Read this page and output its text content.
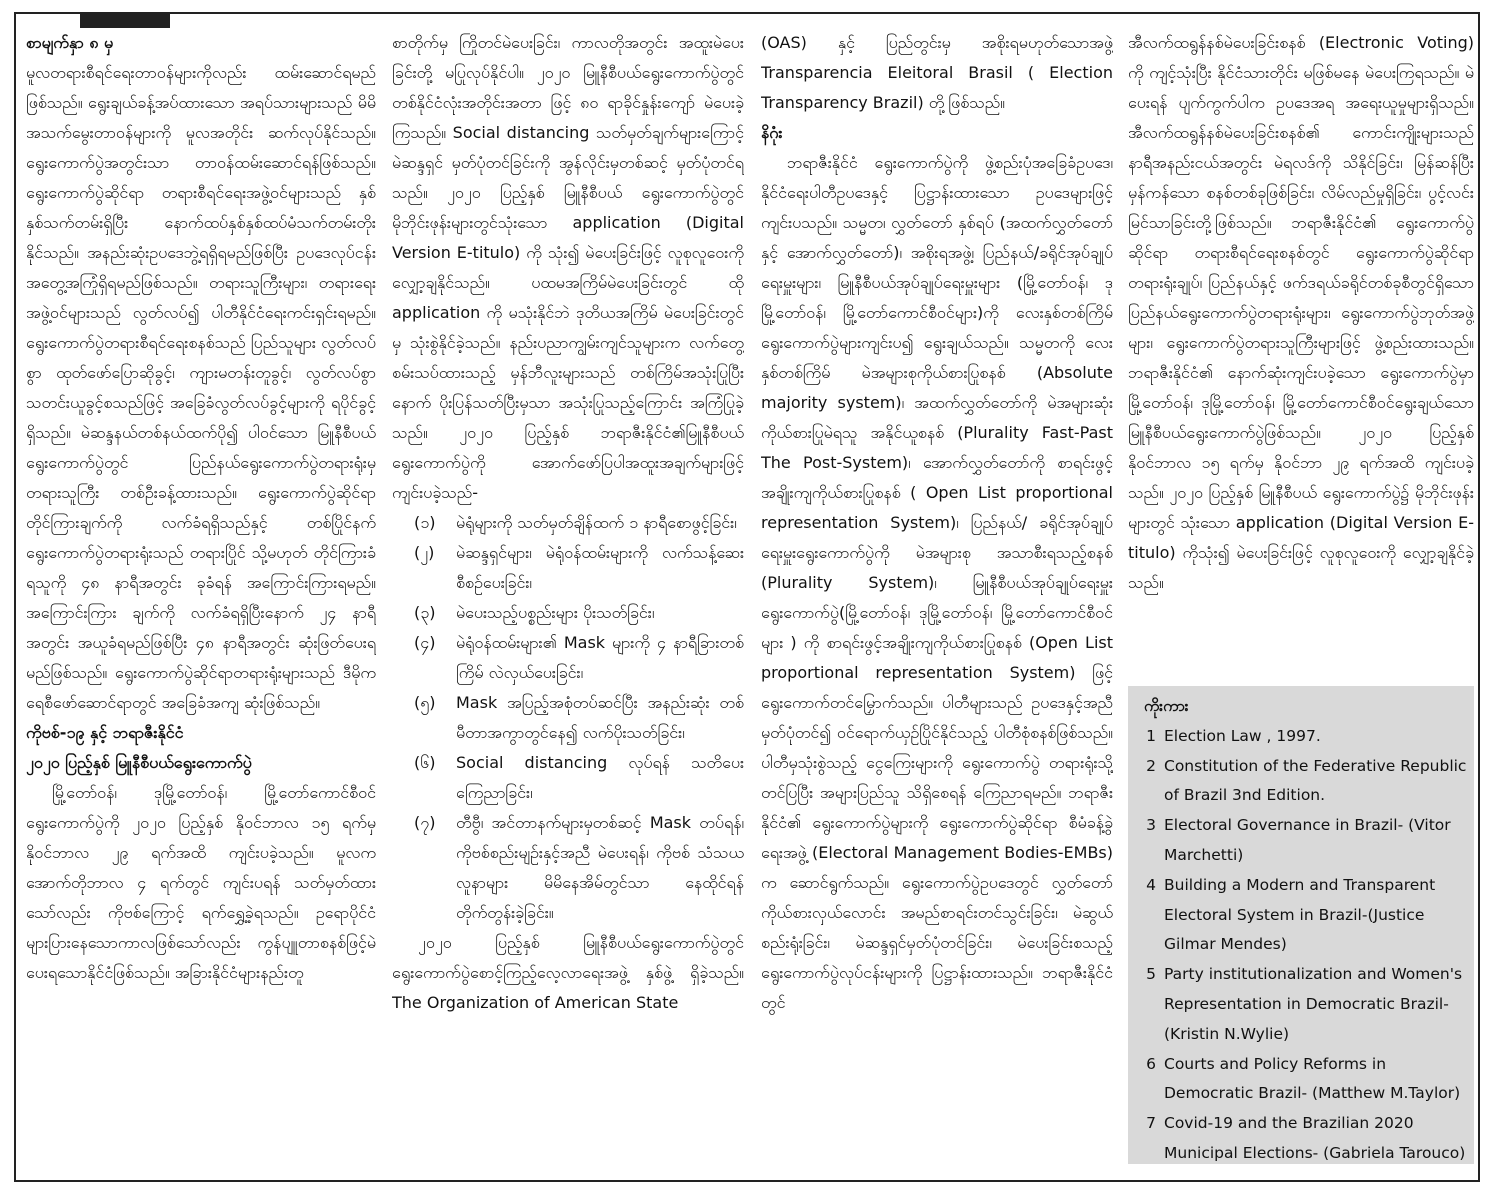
စာမျက်နှာ ၈ မှ

မူလတရားစီရင်ရေးတာဝန်များကိုလည်း ထမ်းဆောင်ရမည်ဖြစ်သည်။ ရွေးချယ်ခန့်အပ်ထားသော အရပ်သားများသည် မိမိအသက်မွေးတာဝန်များကို မူလအတိုင်း ဆက်လုပ်နိုင်သည်။ ရွေးကောက်ပွဲအတွင်းသာ တာဝန်ထမ်းဆောင်ရန်ဖြစ်သည်။ ရွေးကောက်ပွဲဆိုင်ရာ တရားစီရင်ရေးအဖွဲ့ဝင်များသည် နှစ်နှစ်သက်တမ်းရှိပြီး နောက်ထပ်နှစ်နှစ်ထပ်မံသက်တမ်းတိုးနိုင်သည်။ အနည်းဆုံးဥပဒေဘွဲ့ရရှိရမည်ဖြစ်ပြီး ဥပဒေလုပ်ငန်းအတွေ့အကြုံရှိရမည်ဖြစ်သည်။ တရားသူကြီးများ၊ တရားရေးအဖွဲ့ဝင်များသည် လွတ်လပ်၍ ပါတီနိုင်ငံရေးကင်းရှင်းရမည်။ ရွေးကောက်ပွဲတရားစီရင်ရေးစနစ်သည် ပြည်သူများ လွတ်လပ်စွာ ထုတ်ဖော်ပြောဆိုခွင့်၊ ကျားမတန်းတူခွင့်၊ လွတ်လပ်စွာသတင်းယူခွင့်စသည်ဖြင့် အခြေခံလွတ်လပ်ခွင့်များကို ရပိုင်ခွင့်ရှိသည်။ မဲဆန္ဒနယ်တစ်နယ်ထက်ပို၍ ပါဝင်သော မြူနီစီပယ်ရွေးကောက်ပွဲတွင် ပြည်နယ်ရွေးကောက်ပွဲတရားရုံးမှ တရားသူကြီး တစ်ဦးခန့်ထားသည်။ ရွေးကောက်ပွဲဆိုင်ရာ တိုင်ကြားချက်ကို လက်ခံရရှိသည်နှင့် တစ်ပြိုင်နက် ရွေးကောက်ပွဲတရားရုံးသည် တရားပြိုင် သို့မဟုတ် တိုင်ကြားခံရသူကို ၄၈ နာရီအတွင်း ခုခံရန် အကြောင်းကြားရမည်။ အကြောင်းကြား ချက်ကို လက်ခံရရှိပြီးနောက် ၂၄ နာရီအတွင်း အယူခံရမည်ဖြစ်ပြီး ၄၈ နာရီအတွင်း ဆုံးဖြတ်ပေးရ မည်ဖြစ်သည်။ ရွေးကောက်ပွဲဆိုင်ရာတရားရုံးများသည် ဒီမိုကရေစီဖော်ဆောင်ရာတွင် အခြေခံအကျ ဆုံးဖြစ်သည်။

ကိုဗစ်-၁၉ နှင့် ဘရာဇီးနိုင်ငံ

၂၀၂၀ ပြည့်နှစ် မြူနီစီပယ်ရွေးကောက်ပွဲ

မြို့တော်ဝန်၊ ဒုမြို့တော်ဝန်၊ မြို့တော်ကောင်စီဝင်ရွေးကောက်ပွဲကို ၂၀၂၀ ပြည့်နှစ် နိုဝင်ဘာလ ၁၅ ရက်မှ နိုဝင်ဘာလ ၂၉ ရက်အထိ ကျင်းပခဲ့သည်။ မူလက အောက်တိုဘာလ ၄ ရက်တွင် ကျင်းပရန် သတ်မှတ်ထားသော်လည်း ကိုဗစ်ကြောင့် ရက်ရွှေ့ခဲ့ရသည်။ ဥရောပိုင်ငံများပြားနေသောကာလဖြစ်သော်လည်း ကွန်ပျူတာစနစ်ဖြင့်မဲပေးရသောနိုင်ငံဖြစ်သည်။ အခြားနိုင်ငံများနည်းတူ

စာတိုက်မှ ကြိုတင်မဲပေးခြင်း၊ ကာလတိုအတွင်း အထူးမဲပေးခြင်းတို့ မပြုလုပ်နိုင်ပါ။ ၂၀၂၀ မြူနီစီပယ်ရွေးကောက်ပွဲတွင် တစ်နိုင်ငံလုံးအတိုင်းအတာ ဖြင့် ၈၀ ရာခိုင်နှုန်းကျော် မဲပေးခဲ့ကြသည်။ Social distancing သတ်မှတ်ချက်များကြောင့် မဲဆန္ဒရှင် မှတ်ပုံတင်ခြင်းကို အွန်လိုင်းမှတစ်ဆင့် မှတ်ပုံတင်ရသည်။ ၂၀၂၀ ပြည့်နှစ် မြူနီစီပယ် ရွေးကောက်ပွဲတွင် မိုဘိုင်းဖုန်းများတွင်သုံးသော application (Digital Version E-titulo) ကို သုံး၍ မဲပေးခြင်းဖြင့် လူစုလူဝေးကို လျှော့ချနိုင်သည်။ ပထမအကြိမ်မဲပေးခြင်းတွင် ထို application ကို မသုံးနိုင်ဘဲ ဒုတိယအကြိမ် မဲပေးခြင်းတွင်မှ သုံးစွဲနိုင်ခဲ့သည်။ နည်းပညာကျွမ်းကျင်သူများက လက်တွေ့စမ်းသပ်ထားသည့် မှန်ဘီလူးများသည် တစ်ကြိမ်အသုံးပြုပြီးနောက် ပိုးပြန်သတ်ပြီးမှသာ အသုံးပြုသည့်ကြောင်း အကြံပြုခဲ့သည်။ ၂၀၂၀ ပြည့်နှစ် ဘရာဇီးနိုင်ငံ၏မြူနီစီပယ် ရွေးကောက်ပွဲကို အောက်ဖော်ပြပါအထူးအချက်များဖြင့် ကျင်းပခဲ့သည်-

(၁)	မဲရုံများကို သတ်မှတ်ချိန်ထက် ၁ နာရီစောဖွင့်ခြင်း၊
(၂)	မဲဆန္ဒရှင်များ၊ မဲရုံဝန်ထမ်းများကို လက်သန့်ဆေးစီစဉ်ပေးခြင်း၊
(၃)	မဲပေးသည့်ပစ္စည်းများ ပိုးသတ်ခြင်း၊
(၄)	မဲရုံဝန်ထမ်းများ၏ Mask များကို ၄ နာရီခြားတစ်ကြိမ် လဲလှယ်ပေးခြင်း၊
(၅)	Mask အပြည့်အစုံတပ်ဆင်ပြီး အနည်းဆုံး တစ်မီတာအကွာတွင်နေ၍ လက်ပိုးသတ်ခြင်း၊
(၆)	Social distancing လုပ်ရန် သတိပေးကြေညာခြင်း၊
(၇)	တီဗွီ၊ အင်တာနက်များမှတစ်ဆင့် Mask တပ်ရန်၊ ကိုဗစ်စည်းမျဉ်းနှင့်အညီ မဲပေးရန်၊ ကိုဗစ် သံသယလူနာများ မိမိနေအိမ်တွင်သာ နေထိုင်ရန် တိုက်တွန်းခဲ့ခြင်း။

၂၀၂၀ ပြည့်နှစ် မြူနီစီပယ်ရွေးကောက်ပွဲတွင် ရွေးကောက်ပွဲစောင့်ကြည့်လေ့လာရေးအဖွဲ့ နှစ်ဖွဲ့ ရှိခဲ့သည်။ The Organization of American State

(OAS) နှင့် ပြည်တွင်းမှ အစိုးရမဟုတ်သောအဖွဲ့ Transparencia Eleitoral Brasil ( Election Transparency Brazil) တို့ဖြစ်သည်။

နိဂုံး

ဘရာဇီးနိုင်ငံ ရွေးကောက်ပွဲကို ဖွဲ့စည်းပုံအခြေခံဥပဒေ၊ နိုင်ငံရေးပါတီဥပဒေနှင့် ပြဋ္ဌာန်းထားသော ဥပဒေများဖြင့် ကျင်းပသည်။ သမ္မတ၊ လွှတ်တော် နှစ်ရပ် (အထက်လွှတ်တော်နှင့် အောက်လွှတ်တော်)၊ အစိုးရအဖွဲ့၊ ပြည်နယ်/ခရိုင်အုပ်ချုပ်ရေးမှူးများ၊ မြူနီစီပယ်အုပ်ချုပ်ရေးမှူးများ (မြို့တော်ဝန်၊ ဒုမြို့တော်ဝန်၊ မြို့တော်ကောင်စီဝင်များ)ကို လေးနှစ်တစ်ကြိမ် ရွေးကောက်ပွဲများကျင်းပ၍ ရွေးချယ်သည်။ သမ္မတကို လေးနှစ်တစ်ကြိမ် မဲအများစုကိုယ်စားပြုစနစ် (Absolute majority system)၊ အထက်လွှတ်တော်ကို မဲအများဆုံးကိုယ်စားပြုမဲရသူ အနိုင်ယူစနစ် (Plurality Fast-Past The Post-System)၊ အောက်လွှတ်တော်ကို စာရင်းဖွင့်အချိုးကျကိုယ်စားပြုစနစ် ( Open List proportional representation System)၊ ပြည်နယ်/ ခရိုင်အုပ်ချုပ်ရေးမှူးရွေးကောက်ပွဲကို မဲအများစု အသာစီးရသည့်စနစ် (Plurality System)၊ မြူနီစီပယ်အုပ်ချုပ်ရေးမှူးရွေးကောက်ပွဲ(မြို့တော်ဝန်၊ ဒုမြို့တော်ဝန်၊ မြို့တော်ကောင်စီဝင်များ ) ကို စာရင်းဖွင့်အချိုးကျကိုယ်စားပြုစနစ် (Open List proportional representation System) ဖြင့် ရွေးကောက်တင်မြှောက်သည်။ ပါတီများသည် ဥပဒေနှင့်အညီ မှတ်ပုံတင်၍ ဝင်ရောက်ယှဉ်ပြိုင်နိုင်သည့် ပါတီစုံစနစ်ဖြစ်သည်။ ပါတီမှသုံးစွဲသည့် ငွေကြေးများကို ရွေးကောက်ပွဲ တရားရုံးသို့ တင်ပြပြီး အများပြည်သူ သိရှိစေရန် ကြေညာရမည်။ ဘရာဇီးနိုင်ငံ၏ ရွေးကောက်ပွဲများကို ရွေးကောက်ပွဲဆိုင်ရာ စီမံခန့်ခွဲရေးအဖွဲ့ (Electoral Management Bodies-EMBs) က ဆောင်ရွက်သည်။ ရွေးကောက်ပွဲဥပဒေတွင် လွှတ်တော်ကိုယ်စားလှယ်လောင်း အမည်စာရင်းတင်သွင်းခြင်း၊ မဲဆွယ်စည်းရုံးခြင်း၊ မဲဆန္ဒရှင်မှတ်ပုံတင်ခြင်း၊ မဲပေးခြင်းစသည့် ရွေးကောက်ပွဲလုပ်ငန်းများကို ပြဋ္ဌာန်းထားသည်။ ဘရာဇီးနိုင်ငံတွင်

အီလက်ထရွန်နစ်မဲပေးခြင်းစနစ် (Electronic Voting) ကို ကျင့်သုံးပြီး နိုင်ငံသားတိုင်း မဖြစ်မနေ မဲပေးကြရသည်။ မဲပေးရန် ပျက်ကွက်ပါက ဥပဒေအရ အရေးယူမှုများရှိသည်။ အီလက်ထရွန်နစ်မဲပေးခြင်းစနစ်၏ ကောင်းကျိုးများသည် နာရီအနည်းငယ်အတွင်း မဲရလဒ်ကို သိနိုင်ခြင်း၊ မြန်ဆန်ပြီး မှန်ကန်သော စနစ်တစ်ခုဖြစ်ခြင်း၊ လိမ်လည်မှုရှိခြင်း၊ ပွင့်လင်းမြင်သာခြင်းတို့ဖြစ်သည်။ ဘရာဇီးနိုင်ငံ၏ ရွေးကောက်ပွဲဆိုင်ရာ တရားစီရင်ရေးစနစ်တွင် ရွေးကောက်ပွဲဆိုင်ရာ တရားရုံးချုပ်၊ ပြည်နယ်နှင့် ဖက်ဒရယ်ခရိုင်တစ်ခုစီတွင်ရှိသော ပြည်နယ်ရွေးကောက်ပွဲတရားရုံးများ၊ ရွေးကောက်ပွဲဘုတ်အဖွဲ့များ၊ ရွေးကောက်ပွဲတရားသူကြီးများဖြင့် ဖွဲ့စည်းထားသည်။ ဘရာဇီးနိုင်ငံ၏ နောက်ဆုံးကျင်းပခဲ့သော ရွေးကောက်ပွဲမှာ မြို့တော်ဝန်၊ ဒုမြို့တော်ဝန်၊ မြို့တော်ကောင်စီဝင်ရွေးချယ်သော မြူနီစီပယ်ရွေးကောက်ပွဲဖြစ်သည်။ ၂၀၂၀ ပြည့်နှစ် နိုဝင်ဘာလ ၁၅ ရက်မှ နိုဝင်ဘာ ၂၉ ရက်အထိ ကျင်းပခဲ့သည်။ ၂၀၂၀ ပြည့်နှစ် မြူနီစီပယ် ရွေးကောက်ပွဲ၌ မိုဘိုင်းဖုန်းများတွင် သုံးသော application (Digital Version E-titulo) ကိုသုံး၍ မဲပေးခြင်းဖြင့် လူစုလူဝေးကို လျှော့ချနိုင်ခဲ့သည်။

ကိုးကား
1 Election Law , 1997.
2 Constitution of the Federative Republic of Brazil 3nd Edition.
3 Electoral Governance in Brazil- (Vitor Marchetti)
4 Building a Modern and Transparent Electoral System in Brazil-(Justice Gilmar Mendes)
5 Party institutionalization and Women's Representation in Democratic Brazil-(Kristin N.Wylie)
6 Courts and Policy Reforms in Democratic Brazil- (Matthew M.Taylor)
7 Covid-19 and the Brazilian 2020 Municipal Elections- (Gabriela Tarouco)
